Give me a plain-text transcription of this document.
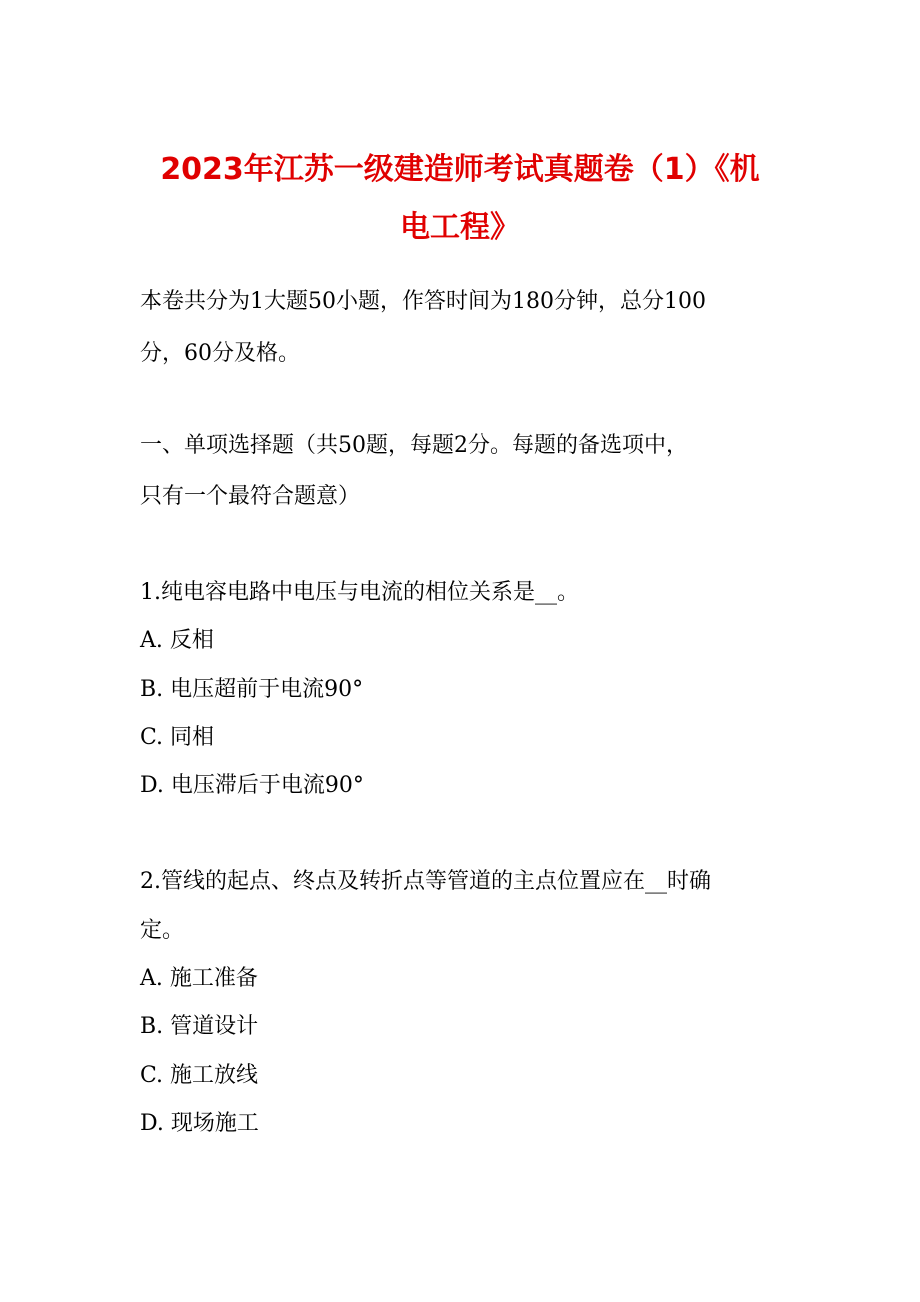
2023年江苏一级建造师考试真题卷（1）《机
电工程》
本卷共分为1大题50小题，作答时间为180分钟，总分100
分，60分及格。
一、单项选择题（共50题，每题2分。每题的备选项中，
只有一个最符合题意）
1.纯电容电路中电压与电流的相位关系是__。
A. 反相
B. 电压超前于电流90°
C. 同相
D. 电压滞后于电流90°
2.管线的起点、终点及转折点等管道的主点位置应在__时确
定。
A. 施工准备
B. 管道设计
C. 施工放线
D. 现场施工
